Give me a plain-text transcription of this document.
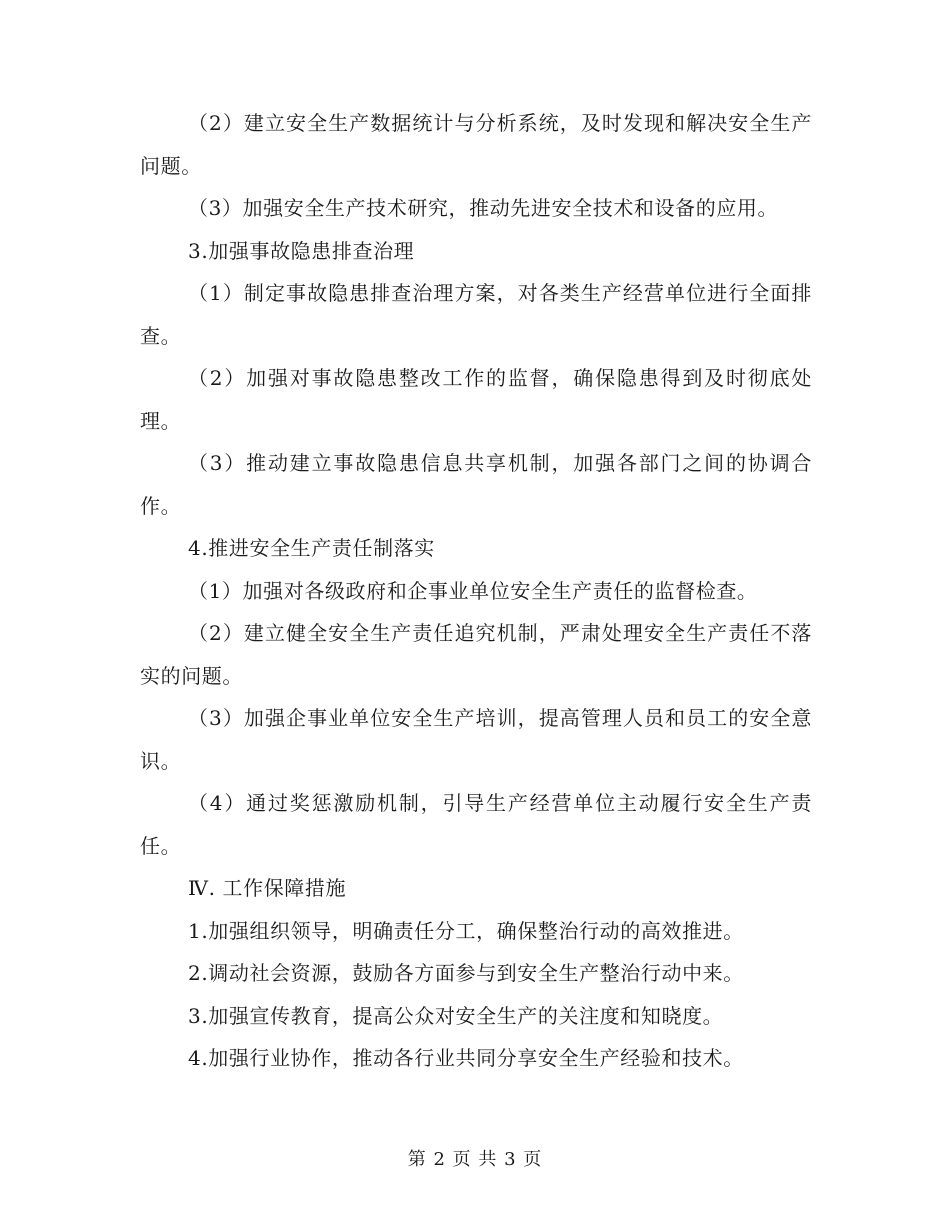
（2）建立安全生产数据统计与分析系统，及时发现和解决安全生产问题。

（3）加强安全生产技术研究，推动先进安全技术和设备的应用。

3.加强事故隐患排查治理

（1）制定事故隐患排查治理方案，对各类生产经营单位进行全面排查。

（2）加强对事故隐患整改工作的监督，确保隐患得到及时彻底处理。

（3）推动建立事故隐患信息共享机制，加强各部门之间的协调合作。

4.推进安全生产责任制落实

（1）加强对各级政府和企事业单位安全生产责任的监督检查。

（2）建立健全安全生产责任追究机制，严肃处理安全生产责任不落实的问题。

（3）加强企事业单位安全生产培训，提高管理人员和员工的安全意识。

（4）通过奖惩激励机制，引导生产经营单位主动履行安全生产责任。

Ⅳ. 工作保障措施

1.加强组织领导，明确责任分工，确保整治行动的高效推进。

2.调动社会资源，鼓励各方面参与到安全生产整治行动中来。

3.加强宣传教育，提高公众对安全生产的关注度和知晓度。

4.加强行业协作，推动各行业共同分享安全生产经验和技术。

第 2 页 共 3 页
